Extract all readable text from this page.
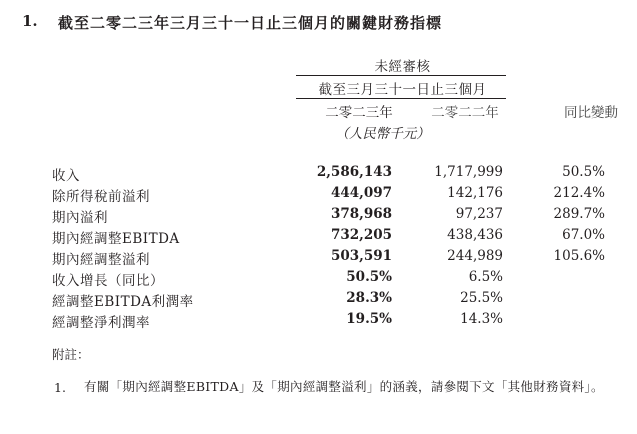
1. 截至二零二三年三月三十一日止三個月的關鍵財務指標
未經審核
截至三月三十一日止三個月
二零二三年	二零二二年	同比變動
（人民幣千元）
收入	2,586,143	1,717,999	50.5%
除所得稅前溢利	444,097	142,176	212.4%
期內溢利	378,968	97,237	289.7%
期內經調整EBITDA	732,205	438,436	67.0%
期內經調整溢利	503,591	244,989	105.6%
收入增長（同比）	50.5%	6.5%
經調整EBITDA利潤率	28.3%	25.5%
經調整淨利潤率	19.5%	14.3%
附註：
1. 有關「期內經調整EBITDA」及「期內經調整溢利」的涵義，請參閱下文「其他財務資料」。
